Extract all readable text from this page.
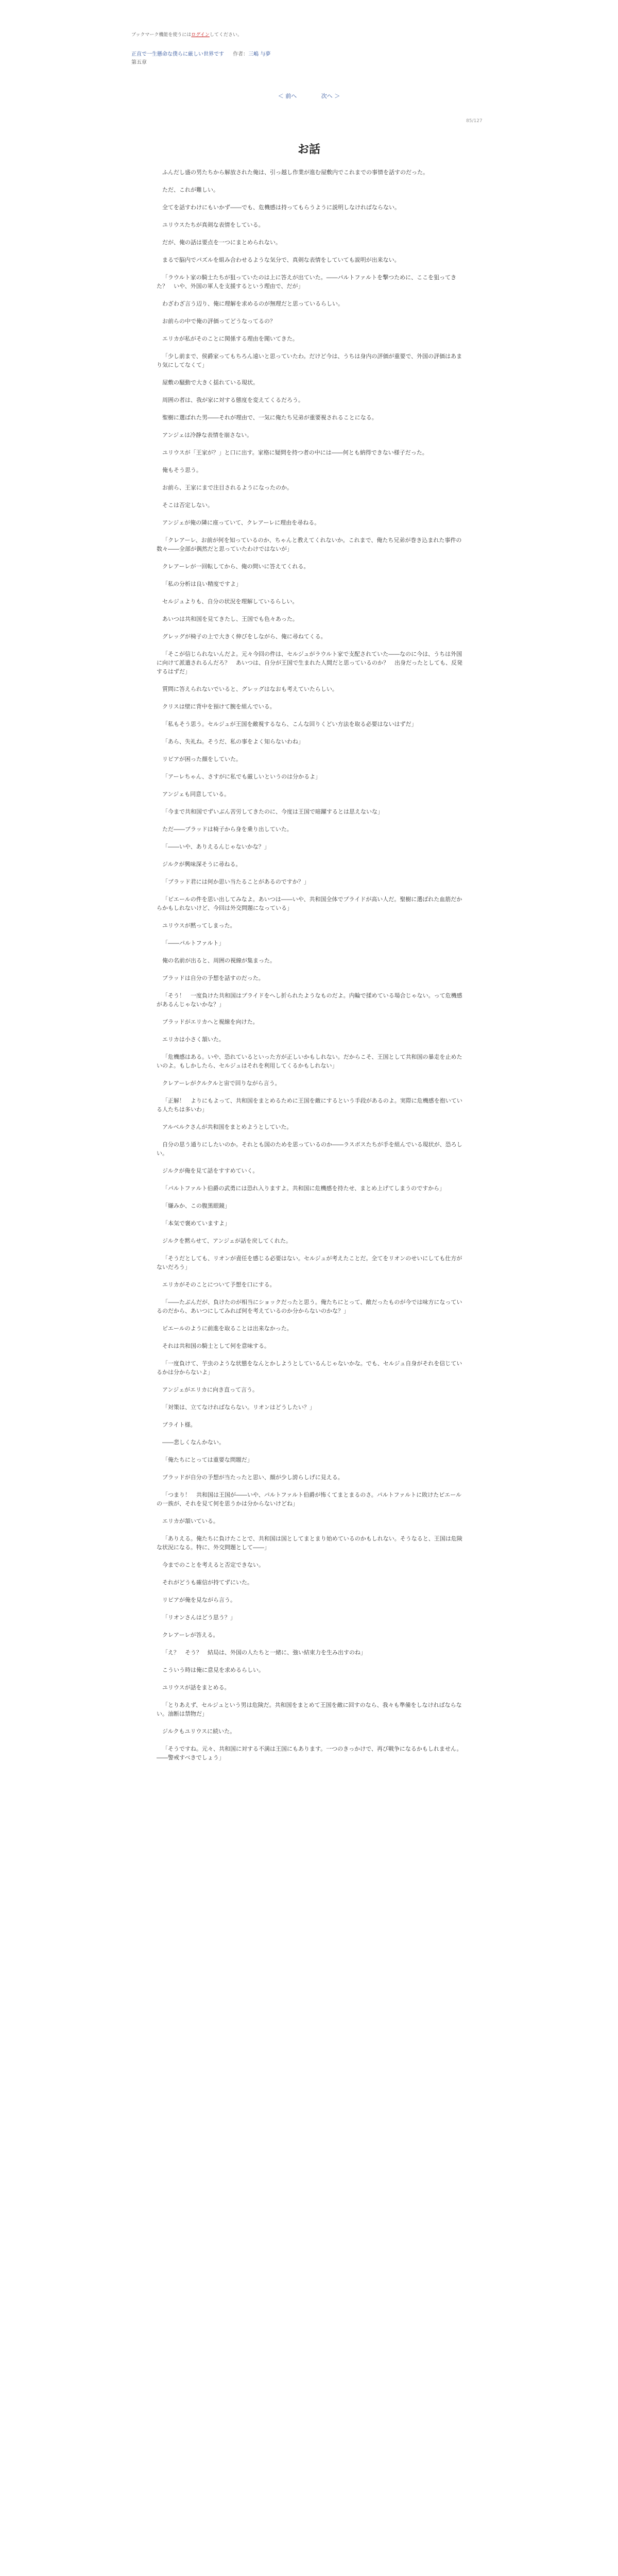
ブックマーク機能を使うにはログインしてください。
正直で一生懸命な僕らに厳しい世界です 作者：三嶋 与夢
第五章
＜ 前へ	次へ ＞
85/127
お話

ふんだし盛の男たちから解放された俺は、引っ越し作業が進む屋敷内でこれまでの事情を話すのだった。

ただ、これが難しい。

全てを話すわけにもいかず――でも、危機感は持ってもらうように説明しなければならない。

ユリウスたちが真剣な表情をしている。

だが、俺の話は要点を一つにまとめられない。

まるで脳内でパズルを組み合わせるような気分で、真剣な表情をしていても説明が出来ない。

「ラウルト家の騎士たちが狙っていたのは上に答えが出ていた。――パルトファルトを撃つために、ここを狙ってきた？　いや、外国の軍人を支援するという理由で、だが」

わざわざ言う辺り、俺に理解を求めるのが無理だと思っているらしい。

お前らの中で俺の評価ってどうなってるの？

エリカが私がそのことに関係する理由を聞いてきた。

「少し前まで、侯爵家ってもちろん遠いと思っていたわ。だけど今は、うちは身内の評価が重要で、外国の評価はあまり気にしてなくて」

屋敷の騒動で大きく揺れている現状。

周囲の者は、我が家に対する態度を変えてくるだろう。

聖樹に選ばれた男――それが理由で、一気に俺たち兄弟が重要視されることになる。

アンジェは冷静な表情を崩さない。

ユリウスが「王家が？」と口に出す。家格に疑問を持つ者の中には――何とも納得できない様子だった。

俺もそう思う。

お前ら、王家にまで注目されるようになったのか。

そこは否定しない。

アンジェが俺の隣に座っていて、クレアーレに理由を尋ねる。

「クレアーレ、お前が何を知っているのか、ちゃんと教えてくれないか。これまで、俺たち兄弟が巻き込まれた事件の数々――全部が偶然だと思っていたわけではないが」

クレアーレが一回転してから、俺の問いに答えてくれる。

「私の分析は良い精度ですよ」

セルジュよりも、自分の状況を理解しているらしい。

あいつは共和国を見てきたし、王国でも色々あった。

グレッグが椅子の上で大きく伸びをしながら、俺に尋ねてくる。

「そこが信じられないんだよ。元々今回の件は、セルジュがラウルト家で支配されていた――なのに今は、うちは外国に向けて派遣されるんだろ？　あいつは、自分が王国で生まれた人間だと思っているのか？　出身だったとしても、反発するはずだ」

質問に答えられないでいると、グレッグはなおも考えていたらしい。

クリスは壁に背中を預けて腕を組んでいる。

「私もそう思う。セルジュが王国を敵視するなら、こんな回りくどい方法を取る必要はないはずだ」

「あら、失礼ね。そうだ、私の事をよく知らないわね」

リビアが困った顔をしていた。

「アーレちゃん、さすがに私でも厳しいというのは分かるよ」

アンジェも同意している。

「今まで共和国でずいぶん苦労してきたのに、今度は王国で暗躍するとは思えないな」

ただ――ブラッドは椅子から身を乗り出していた。

「――いや、ありえるんじゃないかな？」

ジルクが興味深そうに尋ねる。

「ブラッド君には何か思い当たることがあるのですか？」

「ピエールの件を思い出してみなよ。あいつは――いや、共和国全体でプライドが高い人だ。聖樹に選ばれた血筋だからかもしれないけど、今回は外交問題になっている」

ユリウスが黙ってしまった。

「――パルトファルト」

俺の名前が出ると、周囲の視線が集まった。

ブラッドは自分の予想を話すのだった。

「そう！　一度負けた共和国はプライドをへし折られたようなものだよ。内輪で揉めている場合じゃない。って危機感があるんじゃないかな？」

ブラッドがエリカへと視線を向けた。

エリカは小さく頷いた。

「危機感はある。いや、恐れているといった方が正しいかもしれない。だからこそ、王国として共和国の暴走を止めたいのよ。もしかしたら、セルジュはそれを利用してくるかもしれない」

クレアーレがクルクルと宙で回りながら言う。

「正解！　よりにもよって、共和国をまとめるために王国を敵にするという手段があるのよ。実際に危機感を抱いている人たちは多いわ」

アルベルクさんが共和国をまとめようとしていた。

自分の思う通りにしたいのか。それとも国のためを思っているのか――ラスボスたちが手を組んでいる現状が、恐ろしい。

ジルクが俺を見て話をすすめていく。

「パルトファルト伯爵の武勇には恐れ入りますよ。共和国に危機感を持たせ、まとめ上げてしまうのですから」

「嫌みか、この腹黒眼鏡」

「本気で褒めていますよ」

ジルクを黙らせて、アンジェが話を戻してくれた。

「そうだとしても、リオンが責任を感じる必要はない。セルジュが考えたことだ。全てをリオンのせいにしても仕方がないだろう」

エリカがそのことについて予想を口にする。

「――たぶんだが、負けたのが相当にショックだったと思う。俺たちにとって、敵だったものが今では味方になっているのだから、あいつにしてみれば何を考えているのか分からないのかな？」

ピエールのように前進を取ることは出来なかった。

それは共和国の騎士として何を意味する。

「一度負けて、芋虫のような状態をなんとかしようとしているんじゃないかな。でも、セルジュ自身がそれを信じているかは分からないよ」

アンジェがエリカに向き直って言う。

「対策は、立てなければならない。リオンはどうしたい？」

ブライト様。

――悲しくなんかない。

「俺たちにとっては重要な問題だ」

ブラッドが自分の予想が当たったと思い、顔が少し誇らしげに見える。

「つまり！　共和国は王国が――いや、パルトファルト伯爵が怖くてまとまるのさ。パルトファルトに敗けたピエールの一族が、それを見て何を思うかは分からないけどね」

エリカが頷いている。

「ありえる。俺たちに負けたことで、共和国は国としてまとまり始めているのかもしれない。そうなると、王国は危険な状況になる。特に、外交問題として――」

今までのことを考えると否定できない。

それがどうも確信が持てずにいた。

リビアが俺を見ながら言う。

「リオンさんはどう思う？」

クレアーレが答える。

「え？　そう？　結局は、外国の人たちと一緒に、強い結束力を生み出すのね」

こういう時は俺に意見を求めるらしい。

ユリウスが話をまとめる。

「とりあえず、セルジュという男は危険だ。共和国をまとめて王国を敵に回すのなら、我々も準備をしなければならない。油断は禁物だ」

ジルクもユリウスに続いた。

「そうですね。元々、共和国に対する不満は王国にもあります。一つのきっかけで、再び戦争になるかもしれません。――警戒すべきでしょう」
